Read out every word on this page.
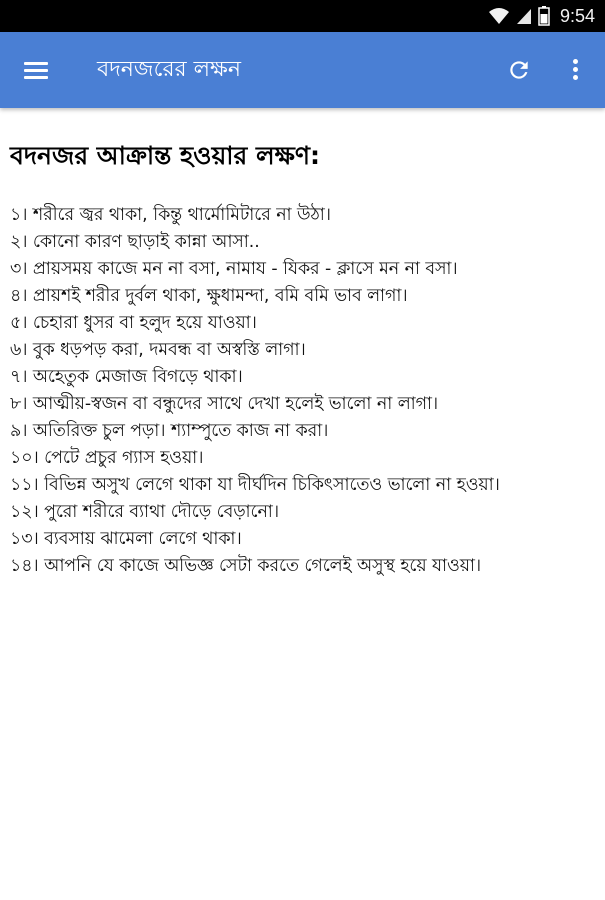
9:54
বদনজরের লক্ষন
বদনজর আক্রান্ত হওয়ার লক্ষণ:
১। শরীরে জ্বর থাকা, কিন্তু থার্মোমিটারে না উঠা।
২। কোনো কারণ ছাড়াই কান্না আসা..
৩। প্রায়সময় কাজে মন না বসা, নামায - যিকর - ক্লাসে মন না বসা।
৪। প্রায়শই শরীর দুর্বল থাকা, ক্ষুধামন্দা, বমি বমি ভাব লাগা।
৫। চেহারা ধুসর বা হলুদ হয়ে যাওয়া।
৬। বুক ধড়পড় করা, দমবন্ধ বা অস্বস্তি লাগা।
৭। অহেতুক মেজাজ বিগড়ে থাকা।
৮। আত্মীয়-স্বজন বা বন্ধুদের সাথে দেখা হলেই ভালো না লাগা।
৯। অতিরিক্ত চুল পড়া। শ্যাম্পুতে কাজ না করা।
১০। পেটে প্রচুর গ্যাস হওয়া।
১১। বিভিন্ন অসুখ লেগে থাকা যা দীর্ঘদিন চিকিৎসাতেও ভালো না হওয়া।
১২। পুরো শরীরে ব্যাথা দৌড়ে বেড়ানো।
১৩। ব্যবসায় ঝামেলা লেগে থাকা।
১৪। আপনি যে কাজে অভিজ্ঞ সেটা করতে গেলেই অসুস্থ হয়ে যাওয়া।
